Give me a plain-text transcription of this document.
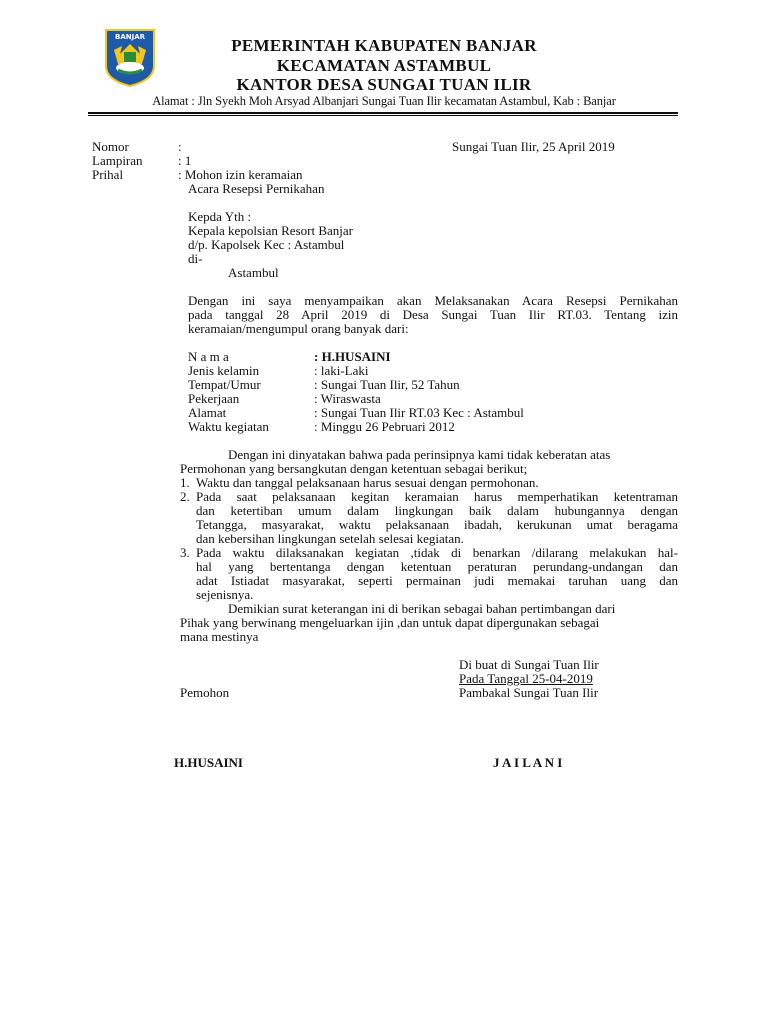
BANJAR	PEMERINTAH KABUPATEN BANJAR
KECAMATAN ASTAMBUL
KANTOR DESA SUNGAI TUAN ILIR
Alamat : Jln Syekh Moh Arsyad Albanjari Sungai Tuan Ilir kecamatan Astambul, Kab : Banjar
Nomor	:	Sungai Tuan Ilir, 25 April 2019
Lampiran	: 1
Prihal	: Mohon izin keramaian
Acara Resepsi Pernikahan
Kepda Yth :
Kepala kepolsian Resort Banjar
d/p. Kapolsek Kec : Astambul
di-
Astambul
Dengan ini saya menyampaikan akan Melaksanakan Acara Resepsi Pernikahan
pada tanggal 28 April 2019 di Desa Sungai Tuan Ilir RT.03. Tentang izin
keramaian/mengumpul orang banyak dari:
N a m a	: H.HUSAINI
Jenis kelamin	: laki-Laki
Tempat/Umur	: Sungai Tuan Ilir, 52 Tahun
Pekerjaan	: Wiraswasta
Alamat	: Sungai Tuan Ilir RT.03 Kec : Astambul
Waktu kegiatan	: Minggu 26 Pebruari 2012
Dengan ini dinyatakan bahwa pada perinsipnya kami tidak keberatan atas
Permohonan yang bersangkutan dengan ketentuan sebagai berikut;
1. Waktu dan tanggal pelaksanaan harus sesuai dengan permohonan.
2. Pada saat pelaksanaan kegitan keramaian harus memperhatikan ketentraman
dan ketertiban umum dalam lingkungan baik dalam hubungannya dengan
Tetangga, masyarakat, waktu pelaksanaan ibadah, kerukunan umat beragama
dan kebersihan lingkungan setelah selesai kegiatan.
3. Pada waktu dilaksanakan kegiatan ,tidak di benarkan /dilarang melakukan hal-
hal yang bertentanga dengan ketentuan peraturan perundang-undangan dan
adat Istiadat masyarakat, seperti permainan judi memakai taruhan uang dan
sejenisnya.
Demikian surat keterangan ini di berikan sebagai bahan pertimbangan dari
Pihak yang berwinang mengeluarkan ijin ,dan untuk dapat dipergunakan sebagai
mana mestinya
Di buat di Sungai Tuan Ilir
Pada Tanggal 25-04-2019
Pemohon	Pambakal Sungai Tuan Ilir
H.HUSAINI	J A I L A N I
